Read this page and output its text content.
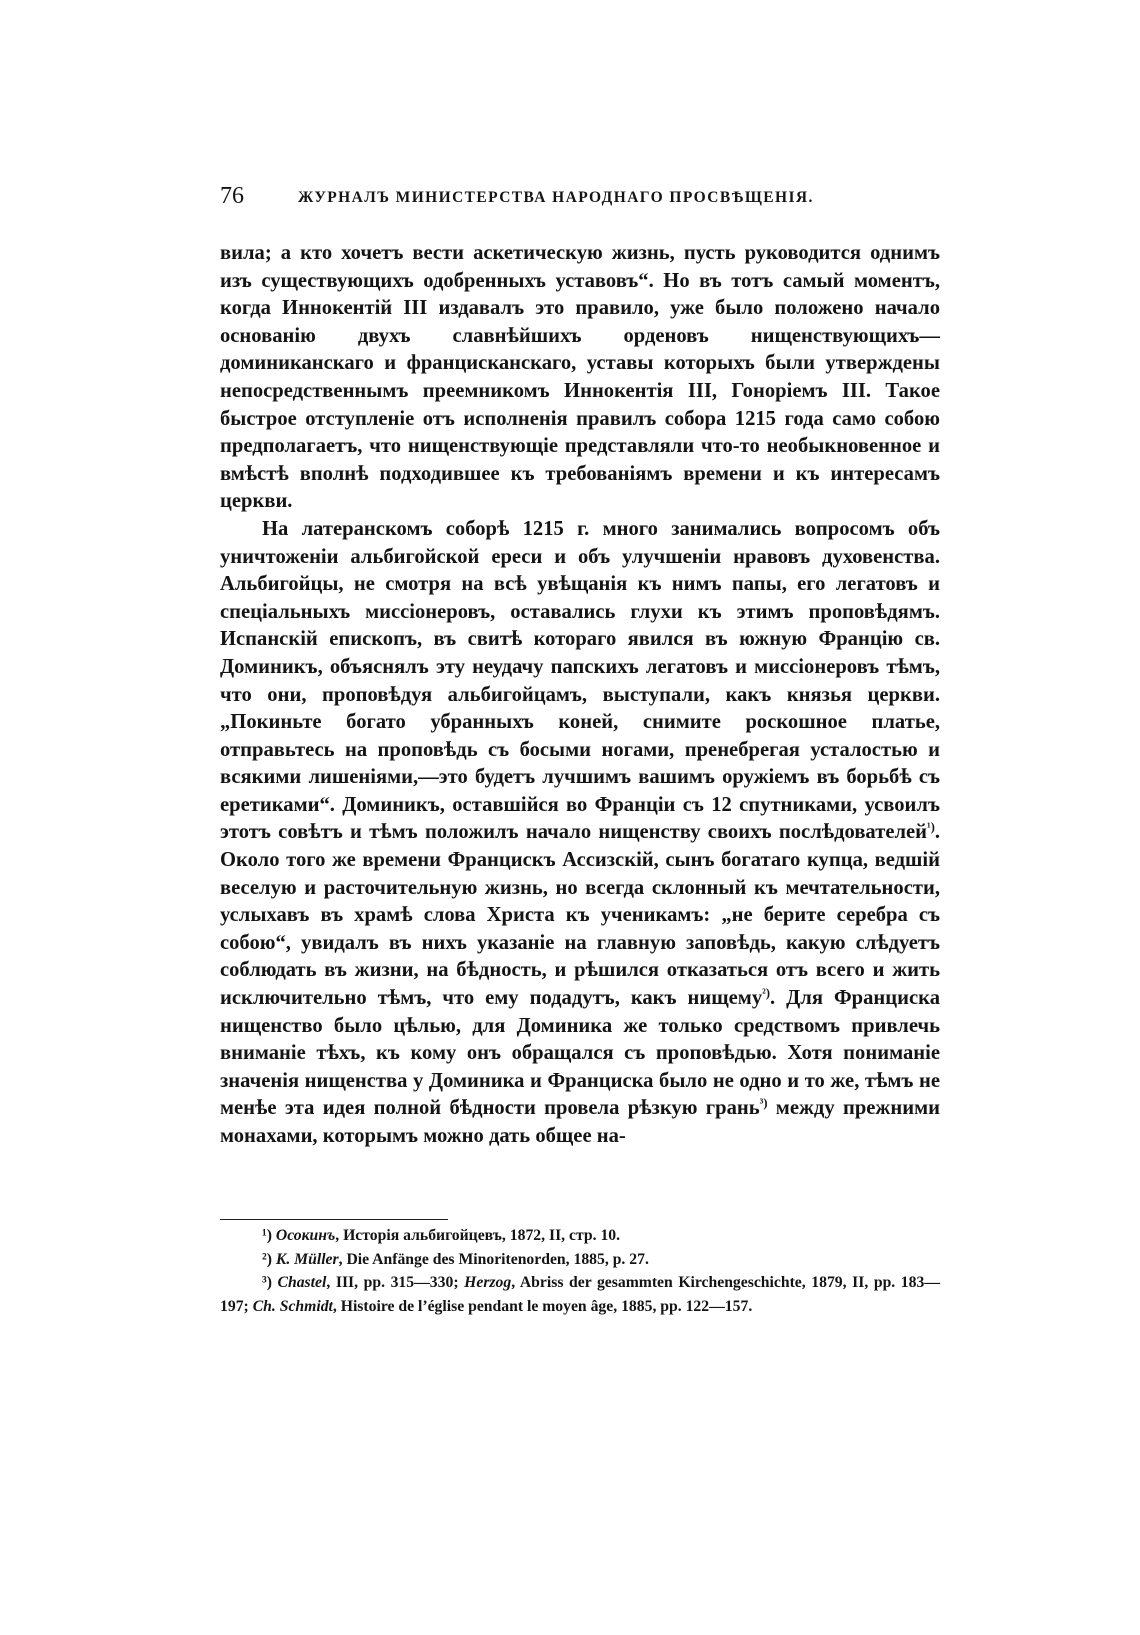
76	ЖУРНАЛЪ МИНИСТЕРСТВА НАРОДНАГО ПРОСВѢЩЕНІЯ.

вила; а кто хочетъ вести аскетическую жизнь, пусть руководится однимъ изъ существующихъ одобренныхъ уставовъ“. Но въ тотъ самый моментъ, когда Иннокентій III издавалъ это правило, уже было положено начало основанію двухъ славнѣйшихъ орденовъ нищенствующихъ—доминиканскаго и францисканскаго, уставы которыхъ были утверждены непосредственнымъ преемникомъ Иннокентія III, Гоноріемъ III. Такое быстрое отступленіе отъ исполненія правилъ собора 1215 года само собою предполагаетъ, что нищенствующіе представляли что-то необыкновенное и вмѣстѣ вполнѣ подходившее къ требованіямъ времени и къ интересамъ церкви.

На латеранскомъ соборѣ 1215 г. много занимались вопросомъ объ уничтоженіи альбигойской ереси и объ улучшеніи нравовъ духовенства. Альбигойцы, не смотря на всѣ увѣщанія къ нимъ папы, его легатовъ и спеціальныхъ миссіонеровъ, оставались глухи къ этимъ проповѣдямъ. Испанскій епископъ, въ свитѣ котораго явился въ южную Францію св. Доминикъ, объяснялъ эту неудачу папскихъ легатовъ и миссіонеровъ тѣмъ, что они, проповѣдуя альбигойцамъ, выступали, какъ князья церкви. „Покиньте богато убранныхъ коней, снимите роскошное платье, отправьтесь на проповѣдь съ босыми ногами, пренебрегая усталостью и всякими лишеніями,—это будетъ лучшимъ вашимъ оружіемъ въ борьбѣ съ еретиками“. Доминикъ, оставшійся во Франціи съ 12 спутниками, усвоилъ этотъ совѣтъ и тѣмъ положилъ начало нищенству своихъ послѣдователей$^{^1)}$. Около того же времени Францискъ Ассизскій, сынъ богатаго купца, ведшій веселую и расточительную жизнь, но всегда склонный къ мечтательности, услыхавъ въ храмѣ слова Христа къ ученикамъ: „не берите серебра съ собою“, увидалъ въ нихъ указаніе на главную заповѣдь, какую слѣдуетъ соблюдать въ жизни, на бѣдность, и рѣшился отказаться отъ всего и жить исключительно тѣмъ, что ему подадутъ, какъ нищему$^{^2)}$. Для Франциска нищенство было цѣлью, для Доминика же только средствомъ привлечь вниманіе тѣхъ, къ кому онъ обращался съ проповѣдью. Хотя пониманіе значенія нищенства у Доминика и Франциска было не одно и то же, тѣмъ не менѣе эта идея полной бѣдности провела рѣзкую грань$^{^3)}$ между прежними монахами, которымъ можно дать общее на-

¹) Осокинъ, Исторія альбигойцевъ, 1872, II, стр. 10.

²) K. Müller, Die Anfänge des Minoritenorden, 1885, p. 27.

³) Chastel, III, pp. 315—330; Herzog, Abriss der gesammten Kirchengeschichte, 1879, II, pp. 183—197; Ch. Schmidt, Histoire de l’église pendant le moyen âge, 1885, pp. 122—157.
